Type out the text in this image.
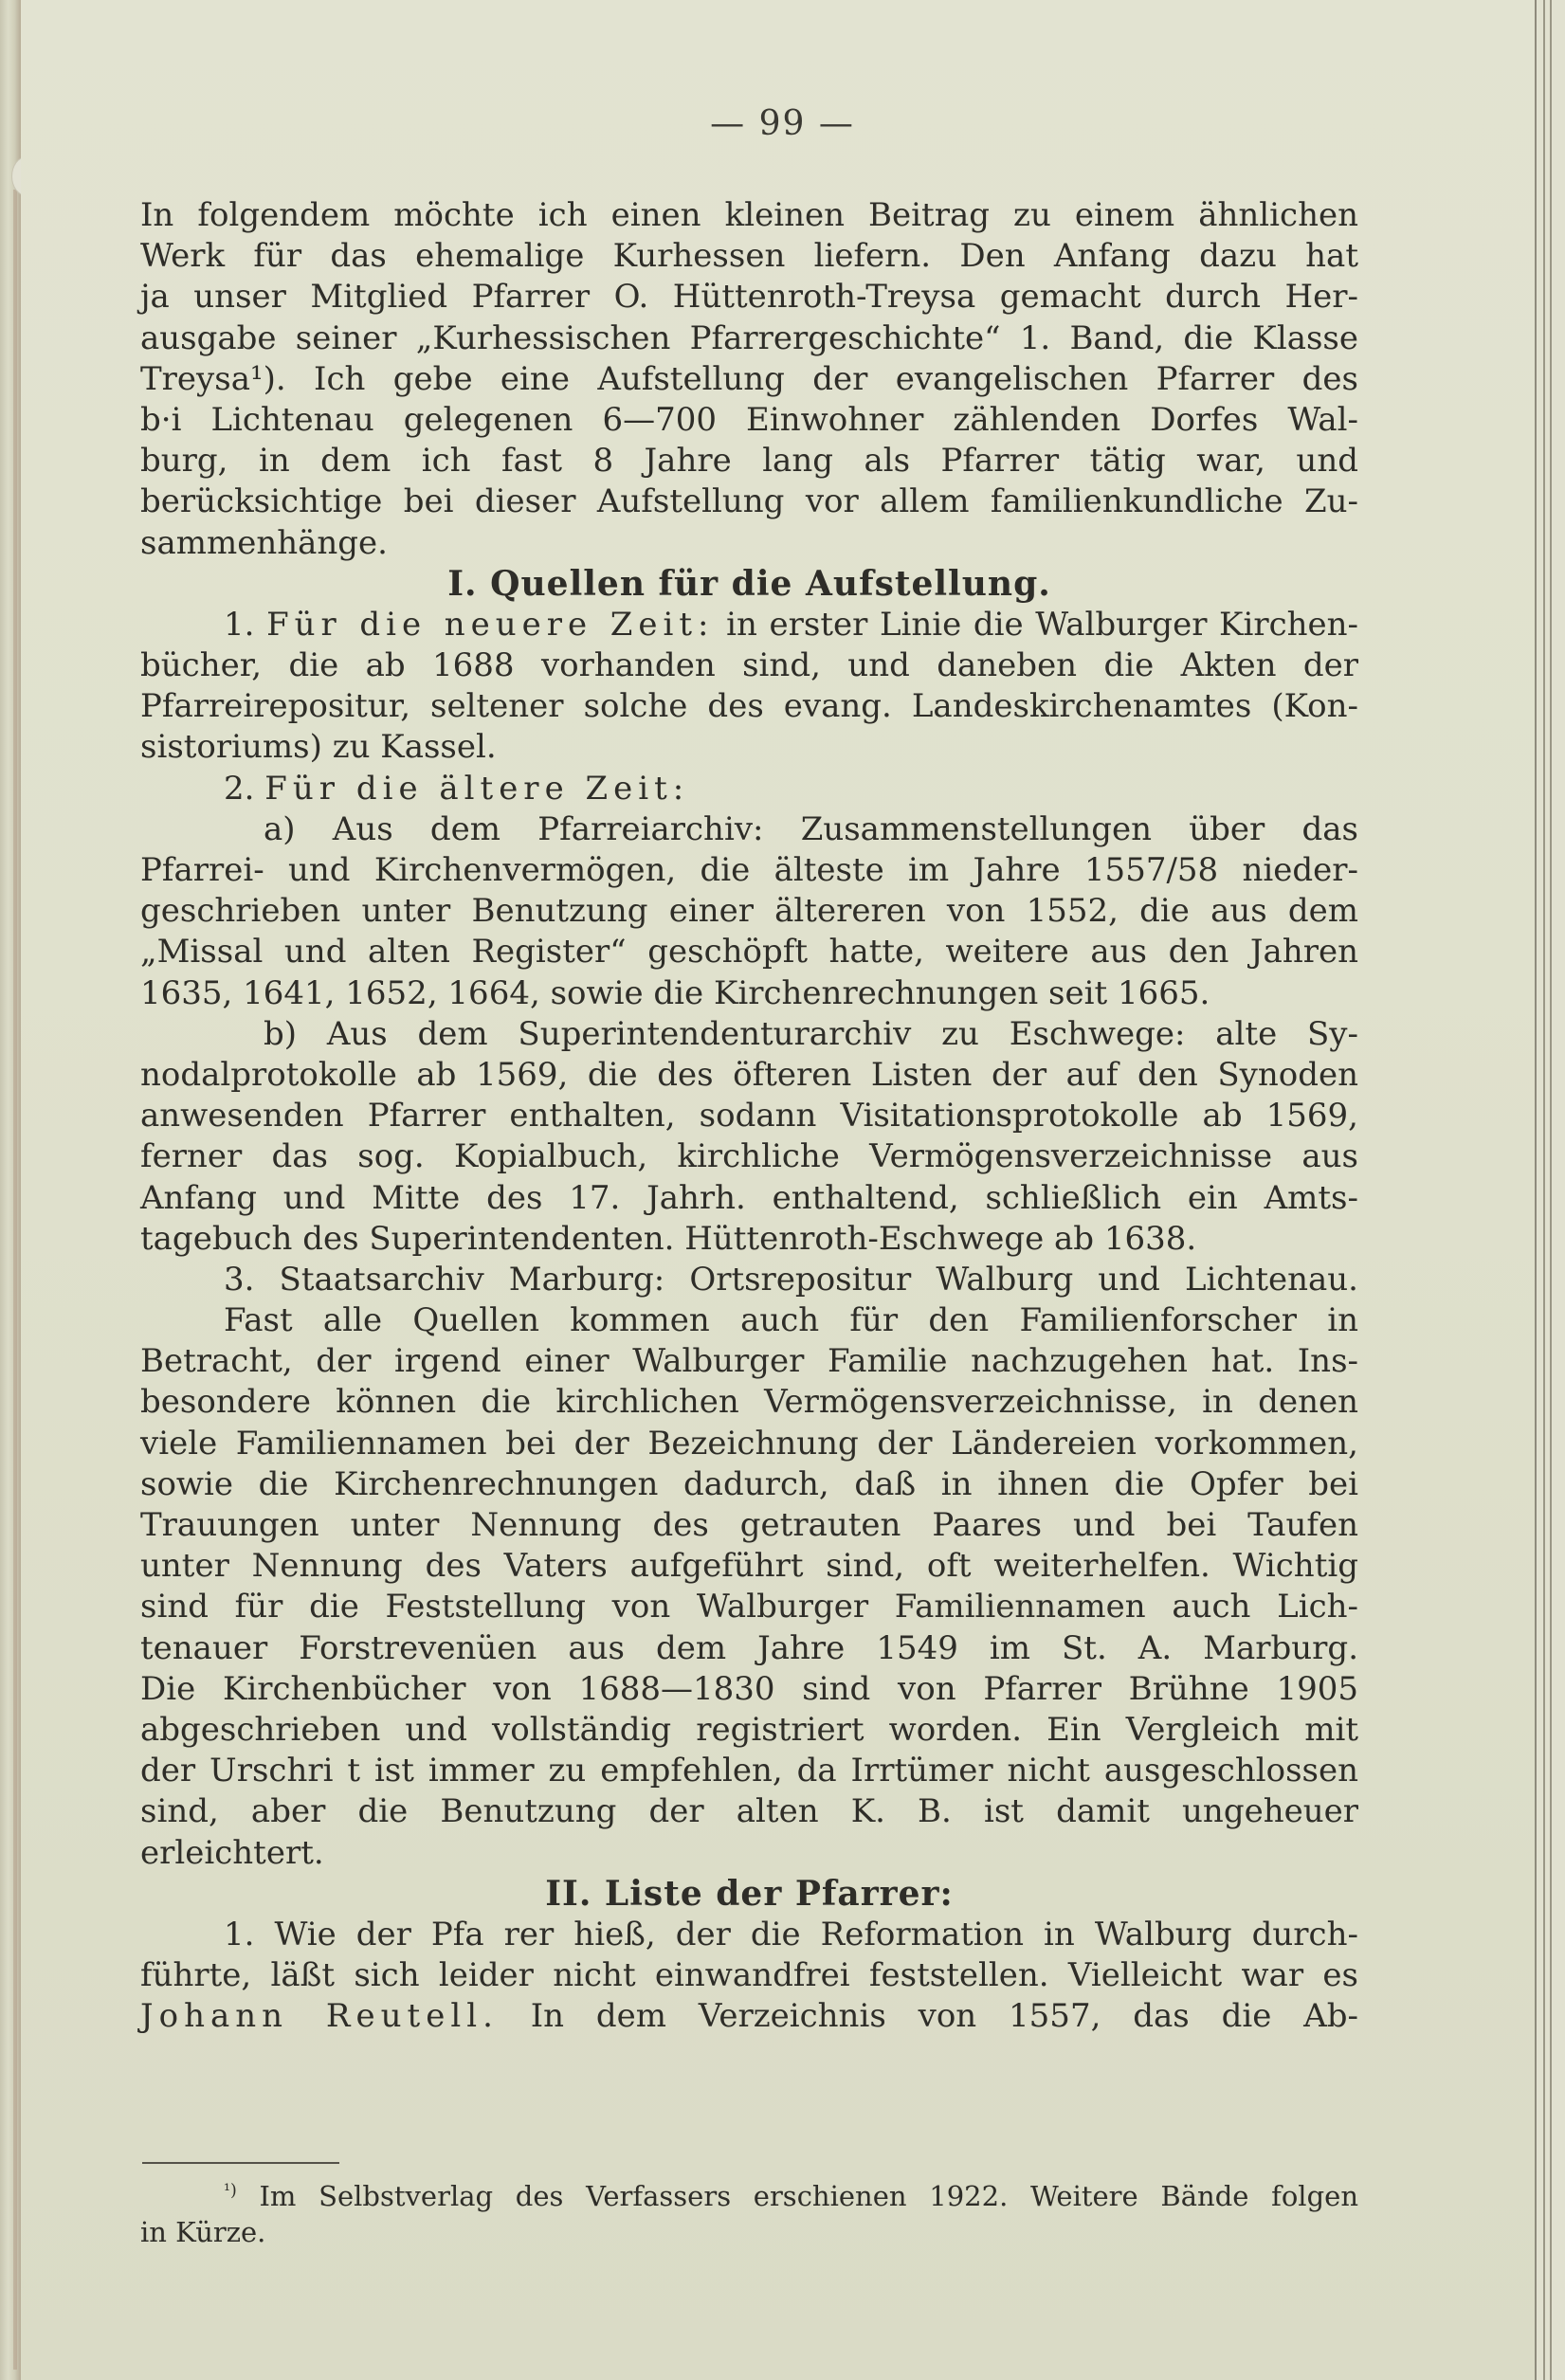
— 99 —
In folgendem möchte ich einen kleinen Beitrag zu einem ähnlichen
Werk für das ehemalige Kurhessen liefern. Den Anfang dazu hat
ja unser Mitglied Pfarrer O. Hüttenroth-Treysa gemacht durch Her-
ausgabe seiner „Kurhessischen Pfarrergeschichte“ 1. Band, die Klasse
Treysa¹). Ich gebe eine Aufstellung der evangelischen Pfarrer des
b·i Lichtenau gelegenen 6—700 Einwohner zählenden Dorfes Wal-
burg, in dem ich fast 8 Jahre lang als Pfarrer tätig war, und
berücksichtige bei dieser Aufstellung vor allem familienkundliche Zu-
sammenhänge.
I. Quellen für die Aufstellung.
1. Für die neuere Zeit: in erster Linie die Walburger Kirchen-
bücher, die ab 1688 vorhanden sind, und daneben die Akten der
Pfarreirepositur, seltener solche des evang. Landeskirchenamtes (Kon-
sistoriums) zu Kassel.
2. Für die ältere Zeit:
a) Aus dem Pfarreiarchiv: Zusammenstellungen über das
Pfarrei- und Kirchenvermögen, die älteste im Jahre 1557/58 nieder-
geschrieben unter Benutzung einer ältereren von 1552, die aus dem
„Missal und alten Register“ geschöpft hatte, weitere aus den Jahren
1635, 1641, 1652, 1664, sowie die Kirchenrechnungen seit 1665.
b) Aus dem Superintendenturarchiv zu Eschwege: alte Sy-
nodalprotokolle ab 1569, die des öfteren Listen der auf den Synoden
anwesenden Pfarrer enthalten, sodann Visitationsprotokolle ab 1569,
ferner das sog. Kopialbuch, kirchliche Vermögensverzeichnisse aus
Anfang und Mitte des 17. Jahrh. enthaltend, schließlich ein Amts-
tagebuch des Superintendenten. Hüttenroth-Eschwege ab 1638.
3. Staatsarchiv Marburg: Ortsrepositur Walburg und Lichtenau.
Fast alle Quellen kommen auch für den Familienforscher in
Betracht, der irgend einer Walburger Familie nachzugehen hat. Ins-
besondere können die kirchlichen Vermögensverzeichnisse, in denen
viele Familiennamen bei der Bezeichnung der Ländereien vorkommen,
sowie die Kirchenrechnungen dadurch, daß in ihnen die Opfer bei
Trauungen unter Nennung des getrauten Paares und bei Taufen
unter Nennung des Vaters aufgeführt sind, oft weiterhelfen. Wichtig
sind für die Feststellung von Walburger Familiennamen auch Lich-
tenauer Forstrevenüen aus dem Jahre 1549 im St. A. Marburg.
Die Kirchenbücher von 1688—1830 sind von Pfarrer Brühne 1905
abgeschrieben und vollständig registriert worden. Ein Vergleich mit
der Urschri t ist immer zu empfehlen, da Irrtümer nicht ausgeschlossen
sind, aber die Benutzung der alten K. B. ist damit ungeheuer
erleichtert.
II. Liste der Pfarrer:
1. Wie der Pfa rer hieß, der die Reformation in Walburg durch-
führte, läßt sich leider nicht einwandfrei feststellen. Vielleicht war es
Johann Reutell. In dem Verzeichnis von 1557, das die Ab-
$^{^1)}$ Im Selbstverlag des Verfassers erschienen 1922. Weitere Bände folgen
in Kürze.
